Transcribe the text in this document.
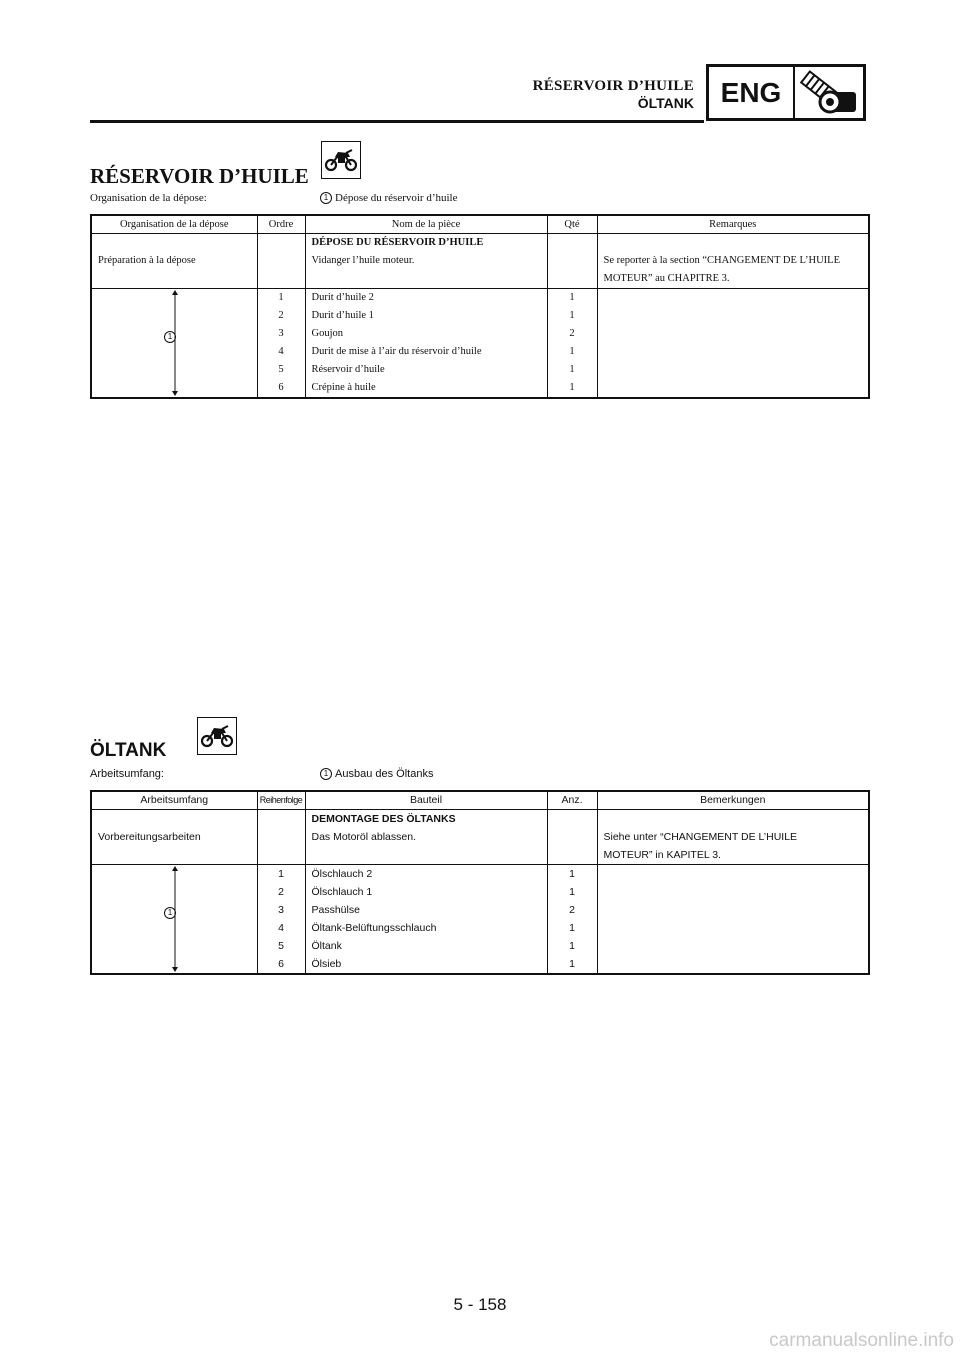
RÉSERVOIR D’HUILE
ÖLTANK ENG
RÉSERVOIR D’HUILE
Organisation de la dépose:	1 Dépose du réservoir d’huile
Organisation de la dépose	Ordre	Nom de la pièce	Qté	Remarques
		DÉPOSE DU RÉSERVOIR D’HUILE		
Préparation à la dépose		Vidanger l’huile moteur.		Se reporter à la section “CHANGEMENT DE L’HUILE
				MOTEUR” au CHAPITRE 3.

1	1	Durit d’huile 2	1	
	2	Durit d’huile 1	1	
	3	Goujon	2	
	4	Durit de mise à l’air du réservoir d’huile	1	
	5	Réservoir d’huile	1	
	6	Crépine à huile	1	
ÖLTANK
Arbeitsumfang:	1 Ausbau des Öltanks
Arbeitsumfang	Reihenfolge	Bauteil	Anz.	Bemerkungen
		DEMONTAGE DES ÖLTANKS		
Vorbereitungsarbeiten		Das Motoröl ablassen.		Siehe unter “CHANGEMENT DE L’HUILE
				MOTEUR” in KAPITEL 3.

1	1	Ölschlauch 2	1	
	2	Ölschlauch 1	1	
	3	Passhülse	2	
	4	Öltank-Belüftungsschlauch	1	
	5	Öltank	1	
	6	Ölsieb	1	
5 - 158
carmanualsonline.info
